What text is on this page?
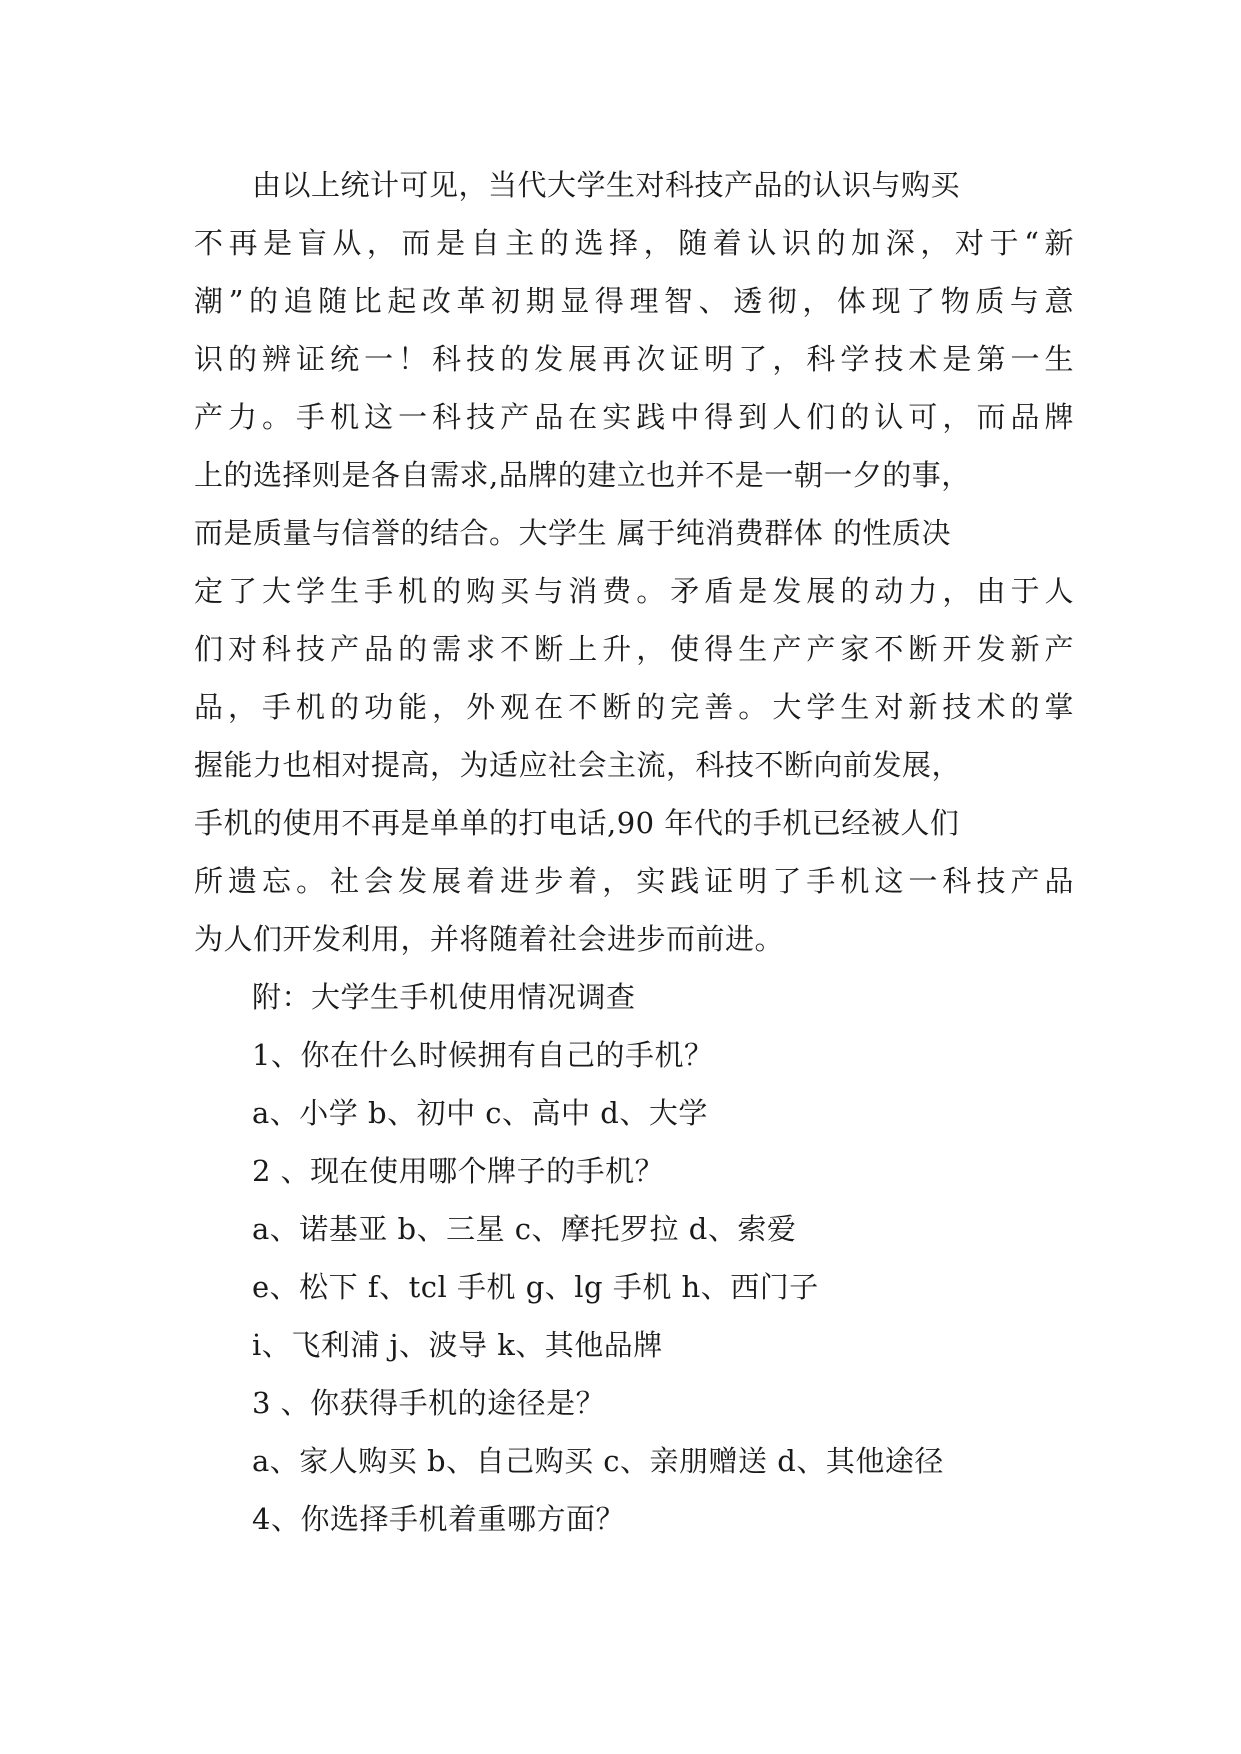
由以上统计可见，当代大学生对科技产品的认识与购买
不再是盲从，而是自主的选择，随着认识的加深，对于“新
潮”的追随比起改革初期显得理智、透彻，体现了物质与意
识的辨证统一！科技的发展再次证明了，科学技术是第一生
产力。手机这一科技产品在实践中得到人们的认可，而品牌
上的选择则是各自需求,品牌的建立也并不是一朝一夕的事，
而是质量与信誉的结合。大学生 属于纯消费群体 的性质决
定了大学生手机的购买与消费。矛盾是发展的动力，由于人
们对科技产品的需求不断上升，使得生产产家不断开发新产
品，手机的功能，外观在不断的完善。大学生对新技术的掌
握能力也相对提高，为适应社会主流，科技不断向前发展，
手机的使用不再是单单的打电话,90 年代的手机已经被人们
所遗忘。社会发展着进步着，实践证明了手机这一科技产品
为人们开发利用，并将随着社会进步而前进。
附：大学生手机使用情况调查
1、你在什么时候拥有自己的手机？
a、小学 b、初中 c、高中 d、大学
2 、现在使用哪个牌子的手机？
a、诺基亚 b、三星 c、摩托罗拉 d、索爱
e、松下 f、tcl 手机 g、lg 手机 h、西门子
i、飞利浦 j、波导 k、其他品牌
3 、你获得手机的途径是？
a、家人购买 b、自己购买 c、亲朋赠送 d、其他途径
4、你选择手机着重哪方面？
